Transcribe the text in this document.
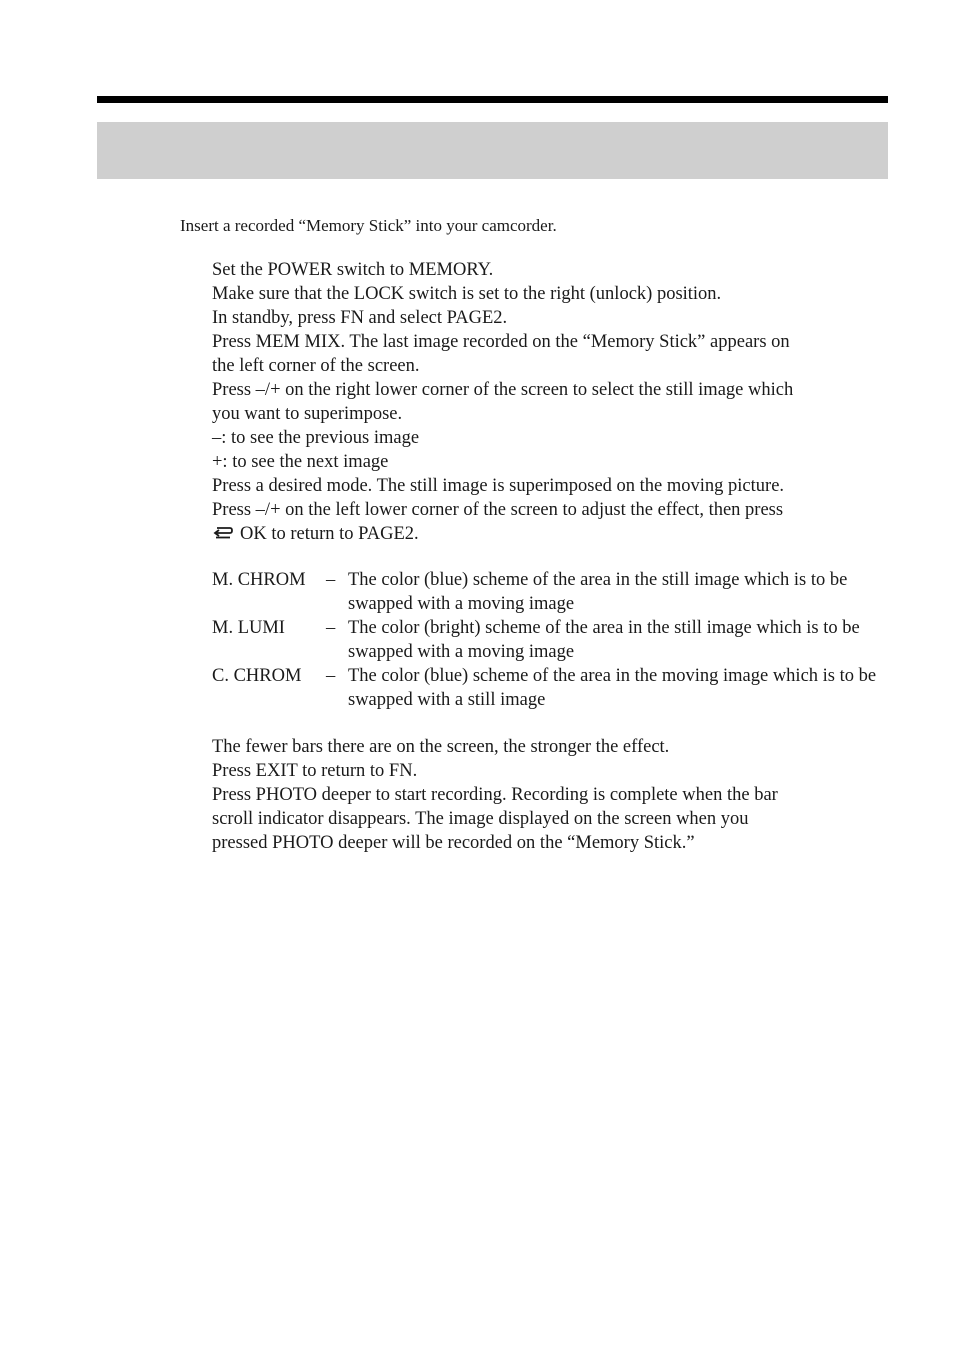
Insert a recorded “Memory Stick” into your camcorder.
Set the POWER switch to MEMORY.
Make sure that the LOCK switch is set to the right (unlock) position.
In standby, press FN and select PAGE2.
Press MEM MIX. The last image recorded on the “Memory Stick” appears on
the left corner of the screen.
Press –/+ on the right lower corner of the screen to select the still image which
you want to superimpose.
–: to see the previous image
+: to see the next image
Press a desired mode. The still image is superimposed on the moving picture.
Press –/+ on the left lower corner of the screen to adjust the effect, then press
OK to return to PAGE2.
M. CHROM – The color (blue) scheme of the area in the still image which is to be swapped with a moving image
M. LUMI – The color (bright) scheme of the area in the still image which is to be swapped with a moving image
C. CHROM – The color (blue) scheme of the area in the moving image which is to be swapped with a still image
The fewer bars there are on the screen, the stronger the effect.
Press EXIT to return to FN.
Press PHOTO deeper to start recording. Recording is complete when the bar
scroll indicator disappears. The image displayed on the screen when you
pressed PHOTO deeper will be recorded on the “Memory Stick.”
